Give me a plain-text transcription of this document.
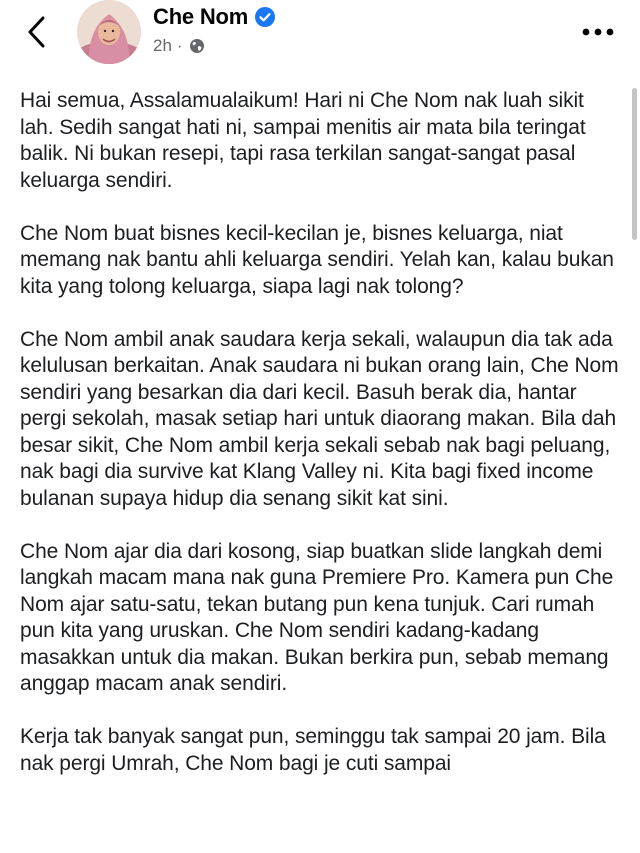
Che Nom
2h ·

Hai semua, Assalamualaikum! Hari ni Che Nom nak luah sikit lah. Sedih sangat hati ni, sampai menitis air mata bila teringat balik. Ni bukan resepi, tapi rasa terkilan sangat-sangat pasal keluarga sendiri.

Che Nom buat bisnes kecil-kecilan je, bisnes keluarga, niat memang nak bantu ahli keluarga sendiri. Yelah kan, kalau bukan kita yang tolong keluarga, siapa lagi nak tolong?

Che Nom ambil anak saudara kerja sekali, walaupun dia tak ada kelulusan berkaitan. Anak saudara ni bukan orang lain, Che Nom sendiri yang besarkan dia dari kecil. Basuh berak dia, hantar pergi sekolah, masak setiap hari untuk diaorang makan. Bila dah besar sikit, Che Nom ambil kerja sekali sebab nak bagi peluang, nak bagi dia survive kat Klang Valley ni. Kita bagi fixed income bulanan supaya hidup dia senang sikit kat sini.

Che Nom ajar dia dari kosong, siap buatkan slide langkah demi langkah macam mana nak guna Premiere Pro. Kamera pun Che Nom ajar satu-satu, tekan butang pun kena tunjuk. Cari rumah pun kita yang uruskan. Che Nom sendiri kadang-kadang masakkan untuk dia makan. Bukan berkira pun, sebab memang anggap macam anak sendiri.

Kerja tak banyak sangat pun, seminggu tak sampai 20 jam. Bila nak pergi Umrah, Che Nom bagi je cuti sampai
